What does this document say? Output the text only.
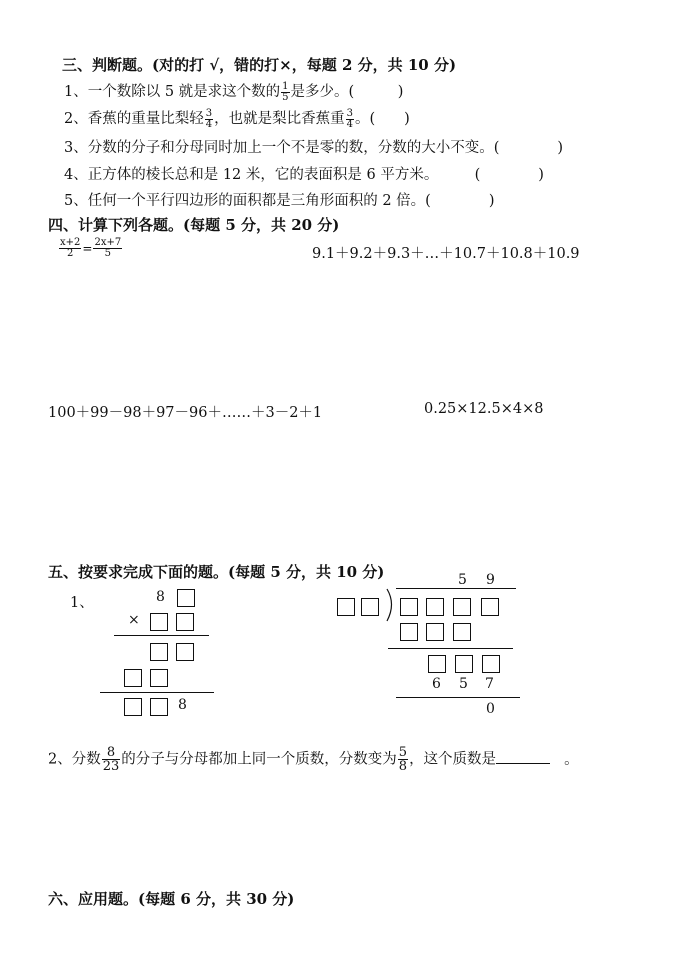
三、判断题。(对的打 √，错的打×，每题 2 分，共 10 分)
1、一个数除以 5 就是求这个数的 $\frac{1}{5}$ 是多少。(　　　)
2、香蕉的重量比梨轻 $\frac{3}{4}$ ，也就是梨比香蕉重 $\frac{3}{4}$ 。(　　)
3、分数的分子和分母同时加上一个不是零的数，分数的大小不变。(　　　　)
4、正方体的棱长总和是 12 米，它的表面积是 6 平方米。　　　(　　　　)
5、任何一个平行四边形的面积都是三角形面积的 2 倍。(　　　　)
四、计算下列各题。(每题 5 分，共 20 分)
$\frac{x+2}{2} = \frac{2x+7}{5}$	9.1＋9.2＋9.3＋…＋10.7＋10.8＋10.9
100＋99－98＋97－96＋……＋3－2＋1	0.25×12.5×4×8
五、按要求完成下面的题。(每题 5 分，共 10 分)
1、	8
×
8
5 9
6 5 7
0
2、分数 $\frac{8}{23}$ 的分子与分母都加上同一个质数，分数变为 $\frac{5}{8}$ ，这个质数是	。
六、应用题。(每题 6 分，共 30 分)
